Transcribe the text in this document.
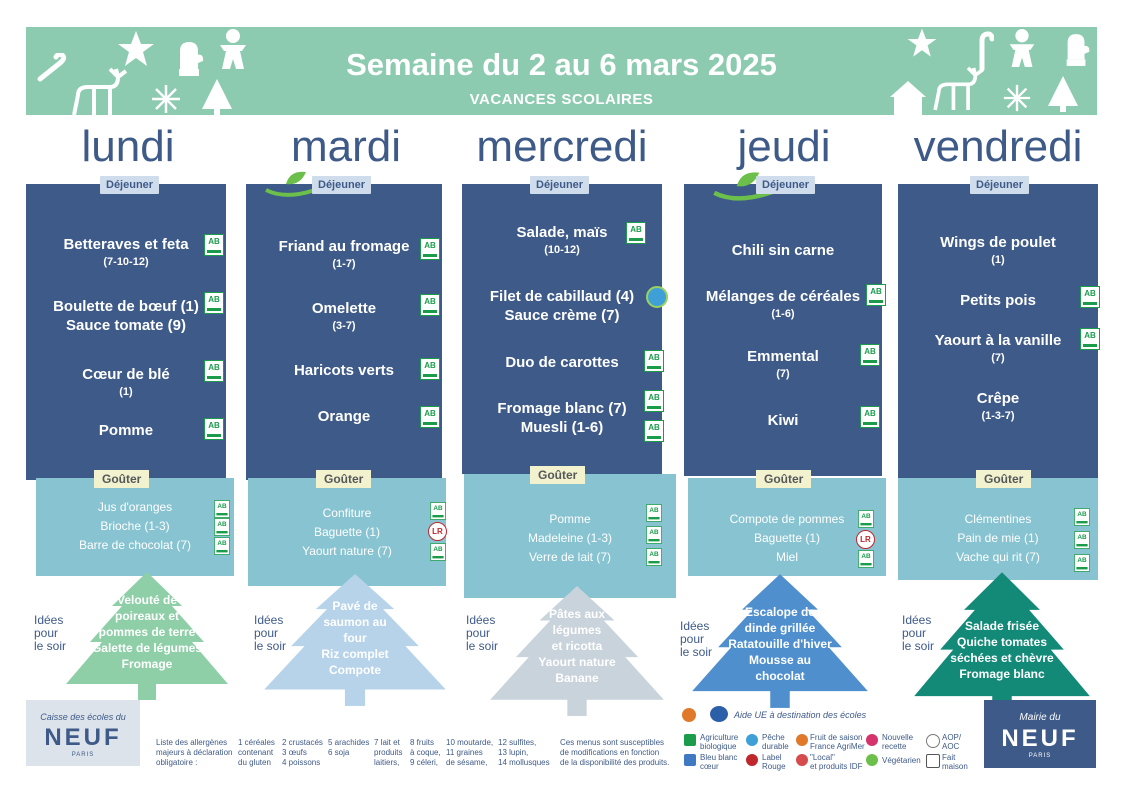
Semaine du 2 au 6 mars 2025
VACANCES SCOLAIRES
lundi	mardi	mercredi	jeudi	vendredi
Déjeuner
Betteraves et feta
(7-10-12)
AB
Boulette de bœuf (1)
Sauce tomate (9)
AB
Cœur de blé
(1)
AB
Pomme	AB
Goûter
Jus d'oranges
Brioche (1-3)
Barre de chocolat (7)
AB
AB
AB
Déjeuner
Friand au fromage
(1-7)
AB
Omelette
(3-7)
AB
Haricots verts	AB
Orange	AB
Goûter
Confiture
Baguette (1)
Yaourt nature (7)
AB
LR
AB
Déjeuner
Salade, maïs
(10-12)
AB
Filet de cabillaud (4)
Sauce crème (7)
Duo de carottes	AB
Fromage blanc (7)
Muesli (1-6)
AB
AB
Goûter
Pomme
Madeleine (1-3)
Verre de lait (7)
AB
AB
AB
Déjeuner
Chili sin carne
Mélanges de céréales
(1-6)
AB
Emmental
(7)
AB
Kiwi	AB
Goûter
Compote de pommes
Baguette (1)
Miel
AB
LR
AB
Déjeuner
Wings de poulet
(1)
Petits pois	AB
Yaourt à la vanille
(7)
AB
Crêpe
(1-3-7)
Goûter
Clémentines
Pain de mie (1)
Vache qui rit (7)
AB
AB
AB
Idées
pour
le soir
Velouté de
poireaux et
pommes de terre
Galette de légumes
Fromage
Idées
pour
le soir
Pavé de
saumon au
four
Riz complet
Compote
Idées
pour
le soir
Pâtes aux
légumes
et ricotta
Yaourt nature
Banane
Idées
pour
le soir
Escalope de
dinde grillée
Ratatouille d'hiver
Mousse au
chocolat
Idées
pour
le soir
Salade frisée
Quiche tomates
séchées et chèvre
Fromage blanc
Caisse des écoles du
NEUF
PARIS
Liste des allergènes
majeurs à déclaration
obligatoire :
1 céréales
contenant
du gluten
2 crustacés
3 œufs
4 poissons
5 arachides
6 soja
7 lait et
produits
laitiers,
8 fruits
à coque,
9 céleri,
10 moutarde,
11 graines
de sésame,
12 sulfites,
13 lupin,
14 mollusques
Ces menus sont susceptibles
de modifications en fonction
de la disponibilité des produits.
Aide UE à destination des écoles
Agriculture
biologique
Bleu blanc
cœur
Pêche
durable
Label
Rouge
Fruit de saison
France AgriMer
"Local"
et produits IDF
Nouvelle
recette
Végétarien
AOP/
AOC
Fait
maison
Mairie du
NEUF
PARIS
